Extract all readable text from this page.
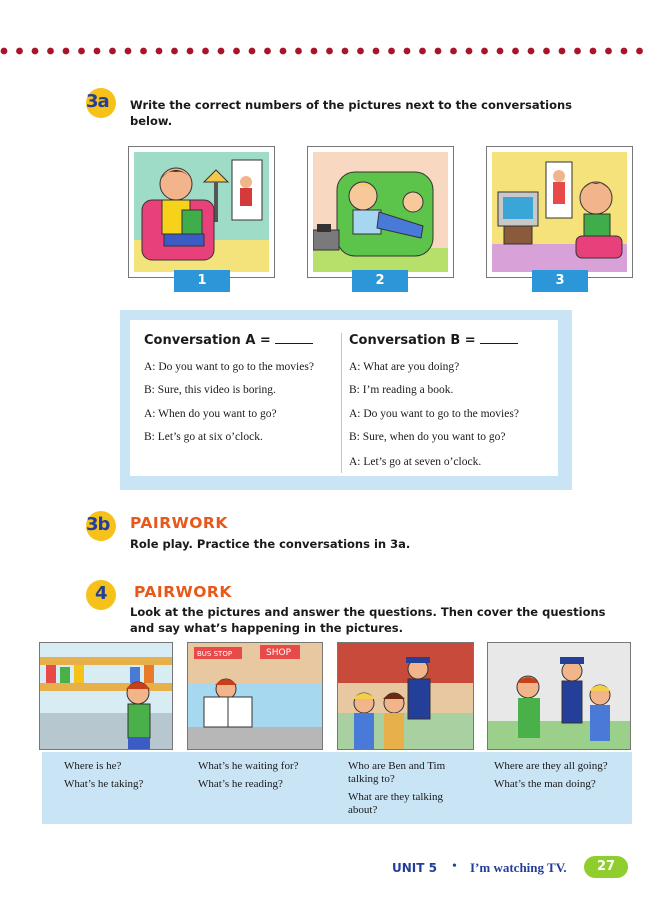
3a Write the correct numbers of the pictures next to the conversations
below.
1	2	3
Conversation A =
A: Do you want to go to the movies?
B: Sure, this video is boring.
A: When do you want to go?
B: Let’s go at six o’clock.
Conversation B =
A: What are you doing?
B: I’m reading a book.
A: Do you want to go to the movies?
B: Sure, when do you want to go?
A: Let’s go at seven o’clock.
3b PAIRWORK
Role play. Practice the conversations in 3a.
4 PAIRWORK
Look at the pictures and answer the questions. Then cover the questions
and say what’s happening in the pictures.
BUS STOP	SHOP
Where is he?
What’s he taking?
What’s he waiting for?
What’s he reading?
Who are Ben and Tim
talking to?
What are they talking
about?
Where are they all going?
What’s the man doing?
UNIT 5 • I’m watching TV.	27
